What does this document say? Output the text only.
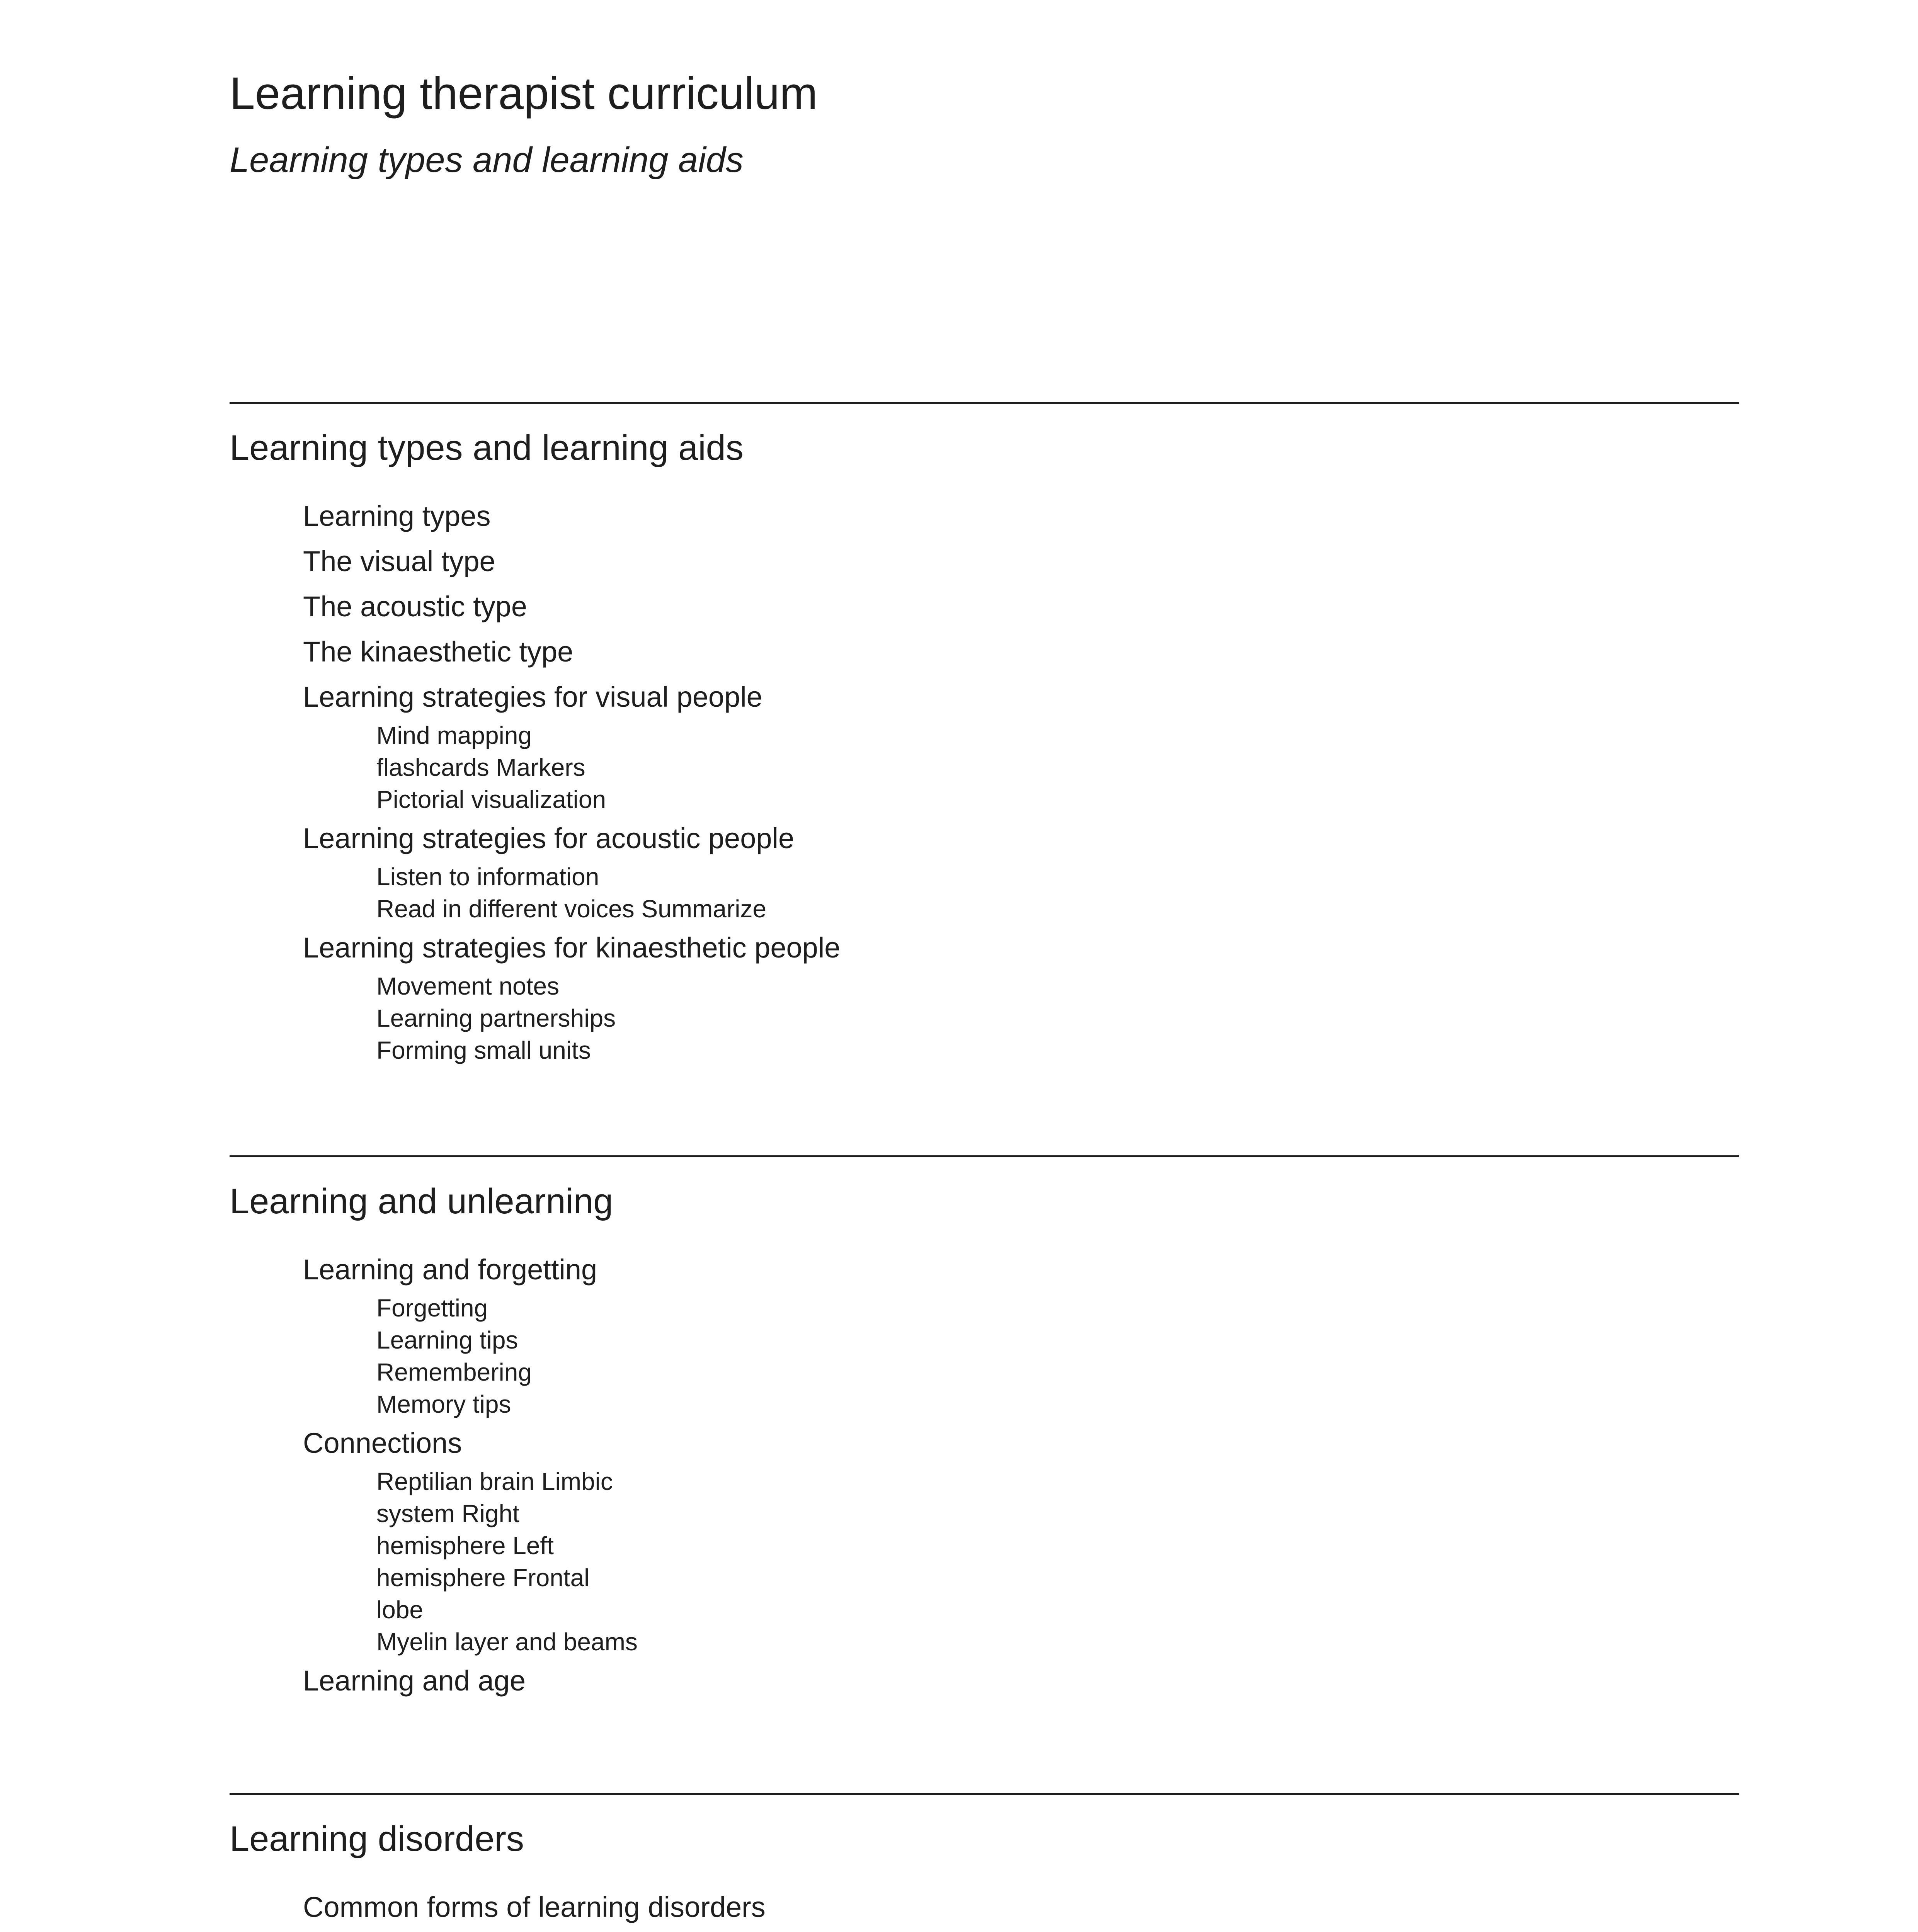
Learning therapist curriculum
Learning types and learning aids
Learning types and learning aids
Learning types
The visual type
The acoustic type
The kinaesthetic type
Learning strategies for visual people
Mind mapping
flashcards Markers
Pictorial visualization
Learning strategies for acoustic people
Listen to information
Read in different voices Summarize
Learning strategies for kinaesthetic people
Movement notes
Learning partnerships
Forming small units
Learning and unlearning
Learning and forgetting
Forgetting
Learning tips
Remembering
Memory tips
Connections
Reptilian brain Limbic
system Right
hemisphere Left
hemisphere Frontal
lobe
Myelin layer and beams
Learning and age
Learning disorders
Common forms of learning disorders
